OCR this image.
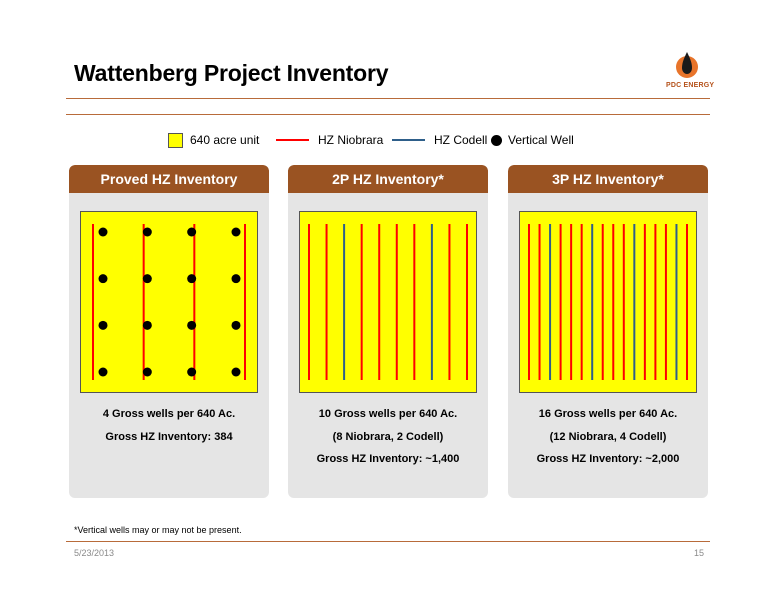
Wattenberg Project Inventory	PDC ENERGY
640 acre unit	HZ Niobrara	HZ Codell Vertical Well
Proved HZ Inventory
4 Gross wells per 640 Ac.
Gross HZ Inventory: 384
2P HZ Inventory*
10 Gross wells per 640 Ac.
(8 Niobrara, 2 Codell)
Gross HZ Inventory: ~1,400
3P HZ Inventory*
16 Gross wells per 640 Ac.
(12 Niobrara, 4 Codell)
Gross HZ Inventory: ~2,000
*Vertical wells may or may not be present.
5/23/2013	15
